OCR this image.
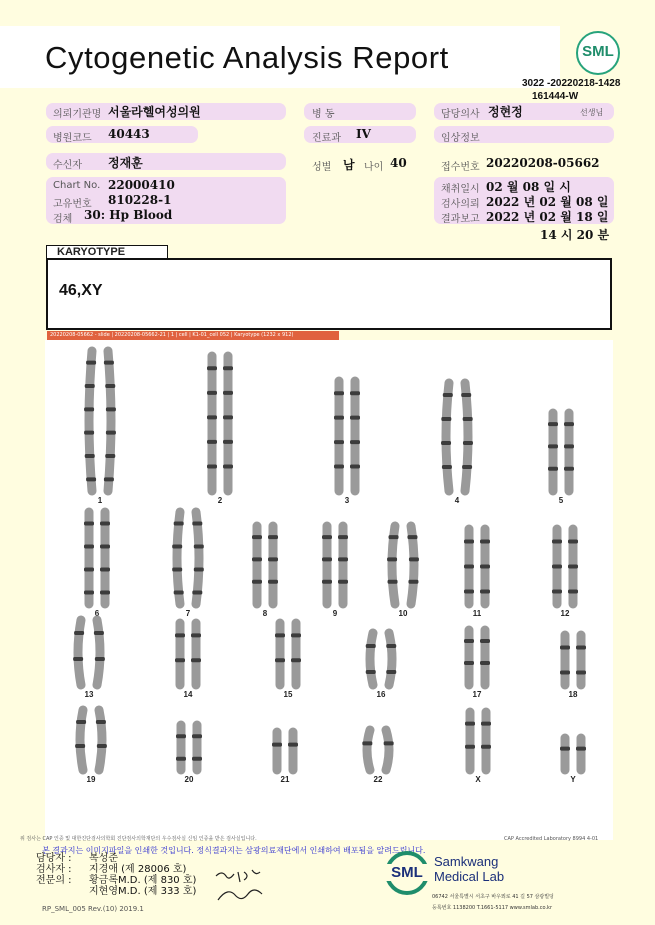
Cytogenetic Analysis Report	SML
3022 -20220218-1428
161444-W
의뢰기관명 서울라헬여성의원
병원코드 40443
수신자 정재훈
Chart No. 22000410
고유번호 810228-1
검체 30: Hp Blood
병 동
진료과 IV
성별 남 나이 40
담당의사 정현정	선생님
임상정보
접수번호 20220208-05662
채취일시 02 월 08 일 시
검사의뢰 2022 년 02 월 08 일
결과보고 2022 년 02 월 18 일
14 시 20 분
KARYOTYPE
46,XY
20220208-05662 - slide | 20220208-05662-21 | 1 | cell | K1-01_cell 052 | Karyotype (1232 x 912)
1	2	3	4	5
6	7	8	9	10	11	12
13	14	15	16	17	18
19	20	21	22	X	Y
위 검사는 CAP 인증 및 대한진단검사의학회 진단검사의학재단의 우수검사실 신임 인증을 받은 검사실입니다.	CAP Accredited Laboratory 8994 4-01
본 결과지는 이미지파일을 인쇄한 것입니다. 정식결과지는 삼광의료재단에서 인쇄하여 배포됨을 알려드립니다.
담당자 : 복성준
검사자 : 지경애 (제 28006 호)
전문의 : 황금록M.D. (제 830 호)
지현영M.D. (제 333 호)
SML
Samkwang
Medical Lab
06742 서울특별시 서초구 바우뫼로 41 길 57 삼광빌딩
등록번호 1138200 T.1661-5117 www.smlab.co.kr
RP_SML_005 Rev.(10) 2019.1
